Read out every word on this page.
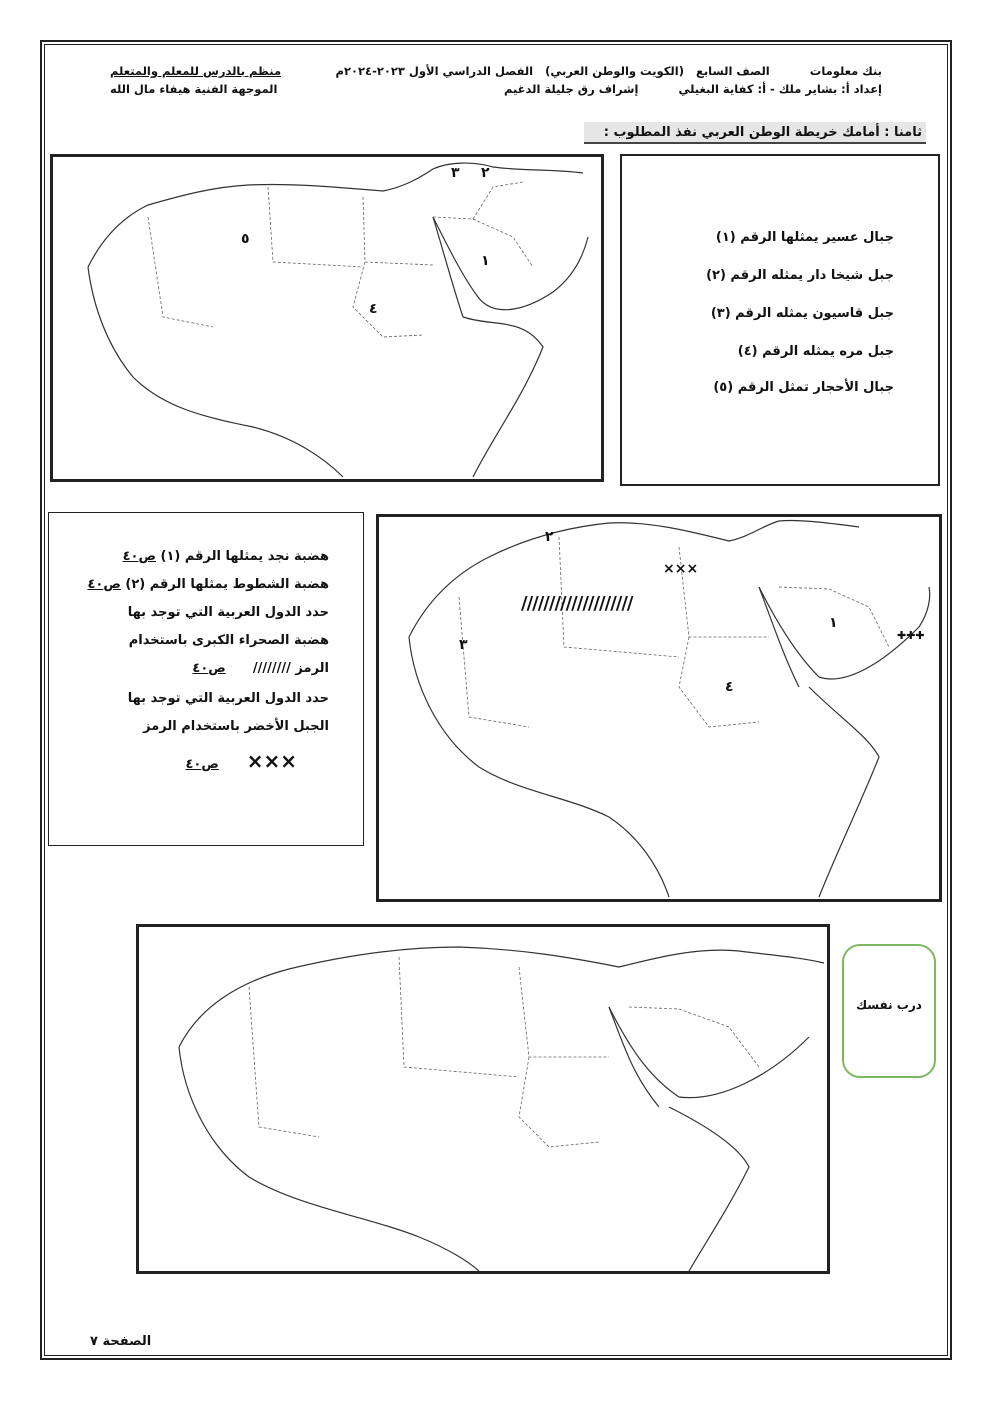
بنك معلومات          الصف السابع   (الكويت والوطن العربي)   الفصل الدراسي الأول ٢٠٢٣-٢٠٢٤م
إعداد أ: بشاير ملك - أ: كفاية البغيلي          إشراف رق جليلة الدغيم
منظم بالدرس للمعلم والمتعلم
الموجهة الفنية هيفاء مال الله
ثامنا : أمامك خريطة الوطن العربي نفذ المطلوب :
٥
٤
١
٣ ٢
جبال عسير يمثلها الرقم (١)
جبل شيخا دار يمثله الرقم (٢)
جبل قاسيون يمثله الرقم (٣)
جبل مره يمثله الرقم (٤)
جبال الأحجار تمثل الرقم (٥)
هضبة نجد يمثلها الرقم (١) ص٤٠
هضبة الشطوط يمثلها الرقم (٢) ص٤٠
حدد الدول العربية التي توجد بها
هضبة الصحراء الكبرى باستخدام
الرمز ////////      ص٤٠
حدد الدول العربية التي توجد بها
الجبل الأخضر باستخدام الرمز
×××    ص٤٠
٢
٣
٤
١
////////////////////
×××
✚✚✚
درب نفسك
الصفحة ٧
